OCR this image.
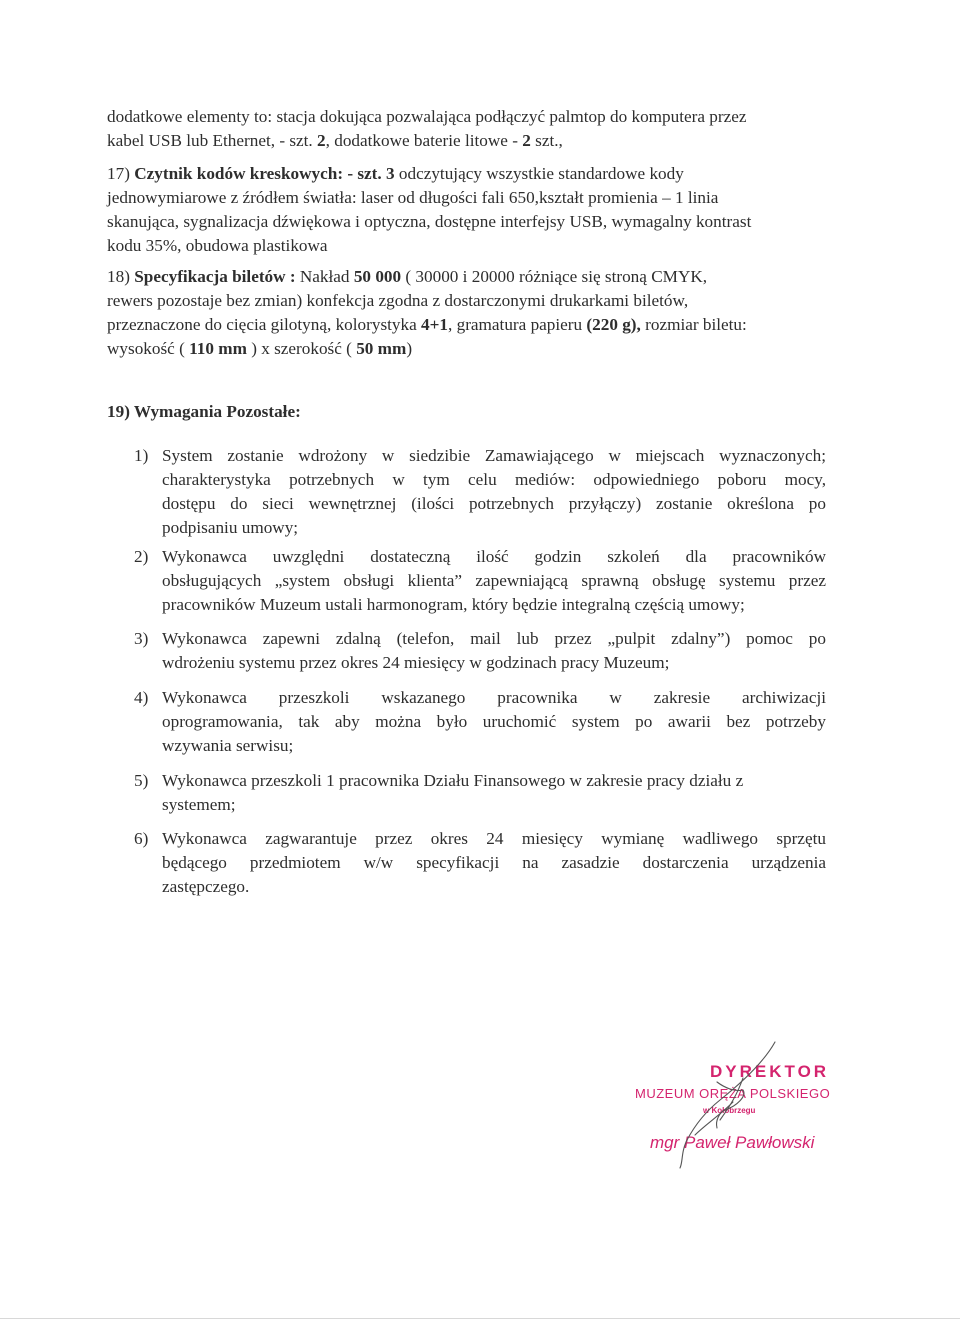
dodatkowe elementy to: stacja dokująca pozwalająca podłączyć palmtop do komputera przez
kabel USB lub Ethernet, - szt. 2, dodatkowe baterie litowe - 2 szt.,
17) Czytnik kodów kreskowych: - szt. 3 odczytujący wszystkie standardowe kody
jednowymiarowe z źródłem światła: laser od długości fali 650,kształt promienia – 1 linia
skanująca, sygnalizacja dźwiękowa i optyczna, dostępne interfejsy USB, wymagalny kontrast
kodu 35%, obudowa plastikowa
18) Specyfikacja biletów : Nakład 50 000 ( 30000 i 20000 różniące się stroną CMYK,
rewers pozostaje bez zmian) konfekcja zgodna z dostarczonymi drukarkami biletów,
przeznaczone do cięcia gilotyną, kolorystyka 4+1, gramatura papieru (220 g), rozmiar biletu:
wysokość ( 110 mm ) x szerokość ( 50 mm)
19) Wymagania Pozostałe:
1) System zostanie wdrożony w siedzibie Zamawiającego w miejscach wyznaczonych;
charakterystyka potrzebnych w tym celu mediów: odpowiedniego poboru mocy,
dostępu do sieci wewnętrznej (ilości potrzebnych przyłączy) zostanie określona po
podpisaniu umowy;
2) Wykonawca uwzględni dostateczną ilość godzin szkoleń dla pracowników
obsługujących „system obsługi klienta” zapewniającą sprawną obsługę systemu przez
pracowników Muzeum ustali harmonogram, który będzie integralną częścią umowy;
3) Wykonawca zapewni zdalną (telefon, mail lub przez „pulpit zdalny”) pomoc po
wdrożeniu systemu przez okres 24 miesięcy w godzinach pracy Muzeum;
4) Wykonawca przeszkoli wskazanego pracownika w zakresie archiwizacji
oprogramowania, tak aby można było uruchomić system po awarii bez potrzeby
wzywania serwisu;
5) Wykonawca przeszkoli 1 pracownika Działu Finansowego w zakresie pracy działu z
systemem;
6) Wykonawca zagwarantuje przez okres 24 miesięcy wymianę wadliwego sprzętu
będącego przedmiotem w/w specyfikacji na zasadzie dostarczenia urządzenia
zastępczego.
DYREKTOR
MUZEUM ORĘŻA POLSKIEGO
w Kołobrzegu
mgr Paweł Pawłowski
